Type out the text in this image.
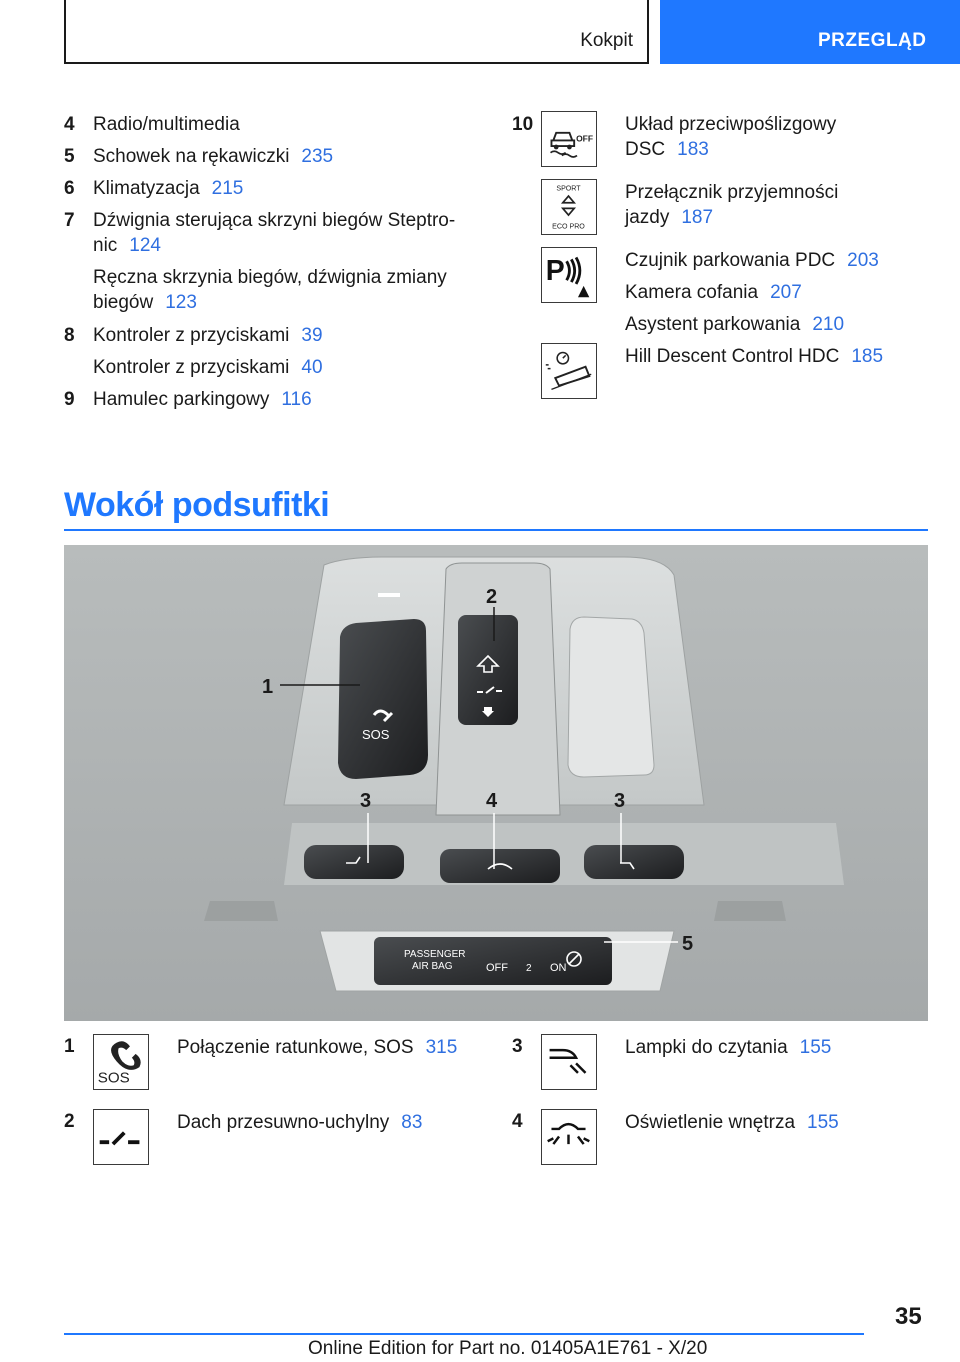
Kokpit	PRZEGLĄD
4 Radio/multimedia
5 Schowek na rękawiczki 235
6 Klimatyzacja 215
7 Dźwignia sterująca skrzyni biegów Steptro‐
nic 124
Ręczna skrzynia biegów, dźwignia zmiany
biegów 123
8 Kontroler z przyciskami 39
Kontroler z przyciskami 40
9 Hamulec parkingowy 116
10
OFF
Układ przeciwpoślizgowy
DSC 183
SPORT
ECO PRO
Przełącznik przyjemności
jazdy 187
P	Czujnik parkowania PDC 203
Kamera cofania 207
Asystent parkowania 210
Hill Descent Control HDC 185
Wokół podsufitki
SOS
PASSENGER
AIR BAG	OFF 2 ON
1
2
3	4	3
5
1
SOS
Połączenie ratunkowe, SOS 315
2	Dach przesuwno-uchylny 83
3	Lampki do czytania 155
4	Oświetlenie wnętrza 155
35
Online Edition for Part no. 01405A1E761 - X/20
